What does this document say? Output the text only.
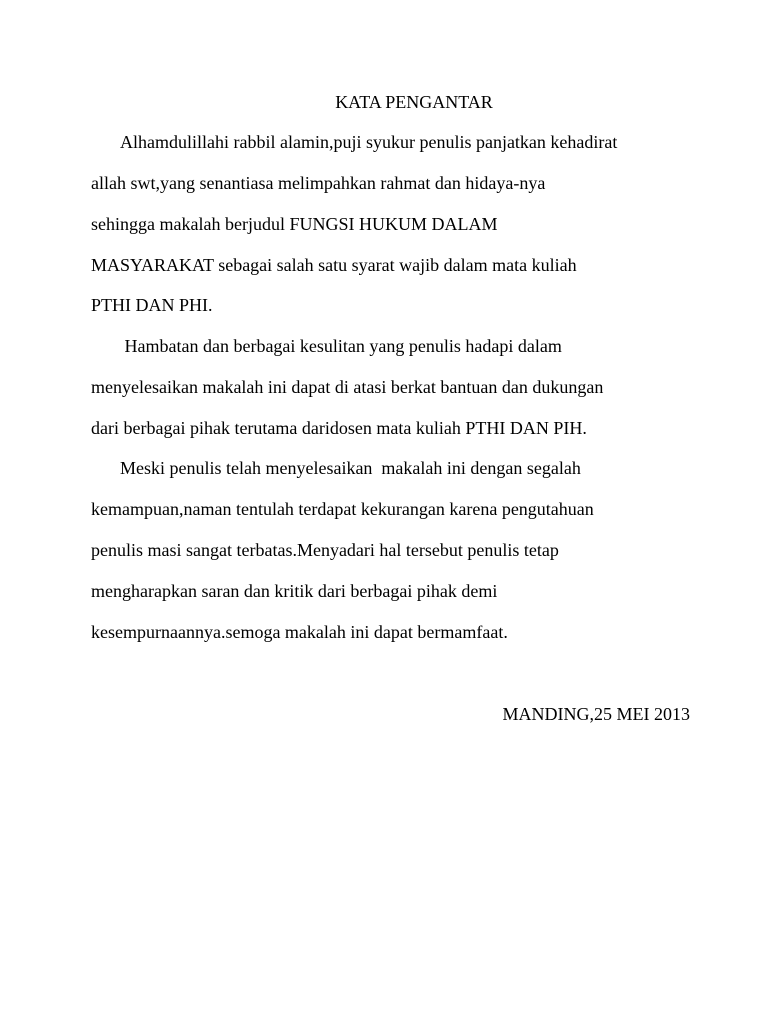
KATA PENGANTAR
Alhamdulillahi rabbil alamin,puji syukur penulis panjatkan kehadirat
allah swt,yang senantiasa melimpahkan rahmat dan hidaya-nya
sehingga makalah berjudul FUNGSI HUKUM DALAM
MASYARAKAT sebagai salah satu syarat wajib dalam mata kuliah
PTHI DAN PHI.
Hambatan dan berbagai kesulitan yang penulis hadapi dalam
menyelesaikan makalah ini dapat di atasi berkat bantuan dan dukungan
dari berbagai pihak terutama daridosen mata kuliah PTHI DAN PIH.
Meski penulis telah menyelesaikan  makalah ini dengan segalah
kemampuan,naman tentulah terdapat kekurangan karena pengutahuan
penulis masi sangat terbatas.Menyadari hal tersebut penulis tetap
mengharapkan saran dan kritik dari berbagai pihak demi
kesempurnaannya.semoga makalah ini dapat bermamfaat.
MANDING,25 MEI 2013
